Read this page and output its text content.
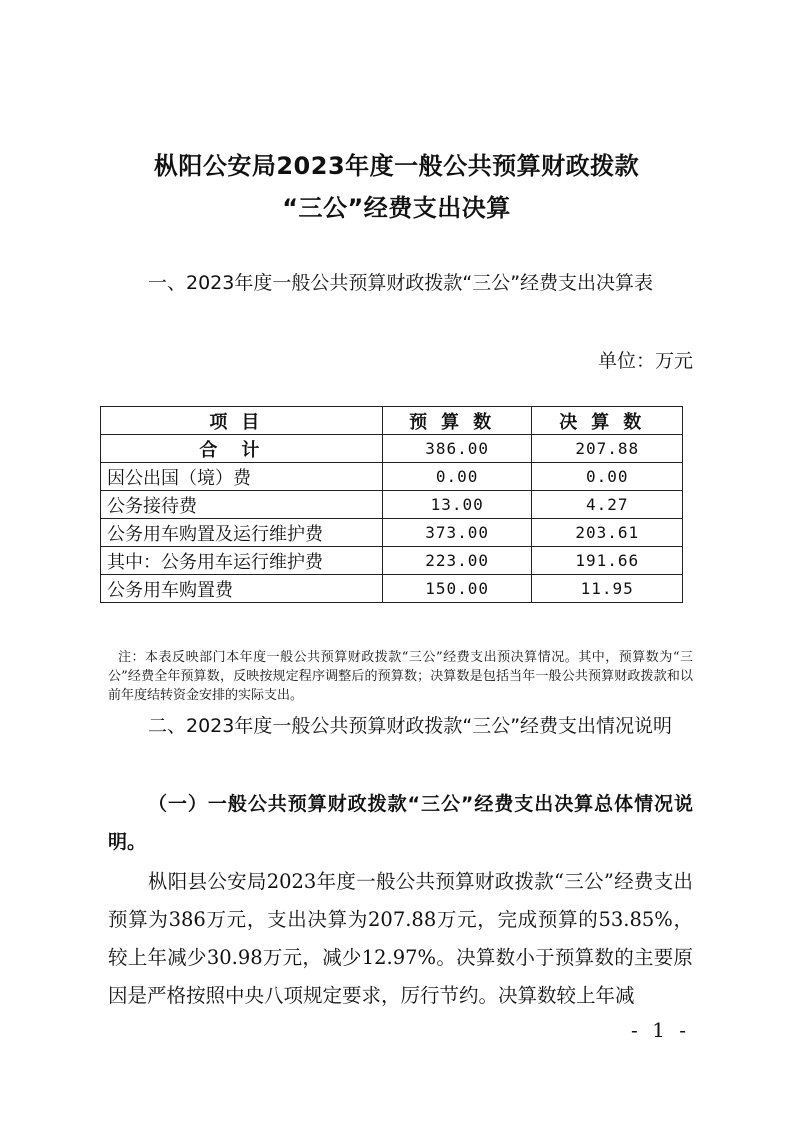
枞阳公安局2023年度一般公共预算财政拨款
“三公”经费支出决算
一、2023年度一般公共预算财政拨款“三公”经费支出决算表
单位：万元
项目	预算数	决算数
合计	386.00	207.88
因公出国（境）费	0.00	0.00
公务接待费	13.00	4.27
公务用车购置及运行维护费	373.00	203.61
其中：公务用车运行维护费	223.00	191.66
公务用车购置费	150.00	11.95
注：本表反映部门本年度一般公共预算财政拨款“三公”经费支出预决算情况。其中，预算数为“三公”经费全年预算数，反映按规定程序调整后的预算数；决算数是包括当年一般公共预算财政拨款和以前年度结转资金安排的实际支出。
二、2023年度一般公共预算财政拨款“三公”经费支出情况说明
（一）一般公共预算财政拨款“三公”经费支出决算总体情况说明。
枞阳县公安局2023年度一般公共预算财政拨款“三公”经费支出预算为386万元，支出决算为207.88万元，完成预算的53.85%，较上年减少30.98万元，减少12.97%。决算数小于预算数的主要原因是严格按照中央八项规定要求，厉行节约。决算数较上年减
- 1 -
